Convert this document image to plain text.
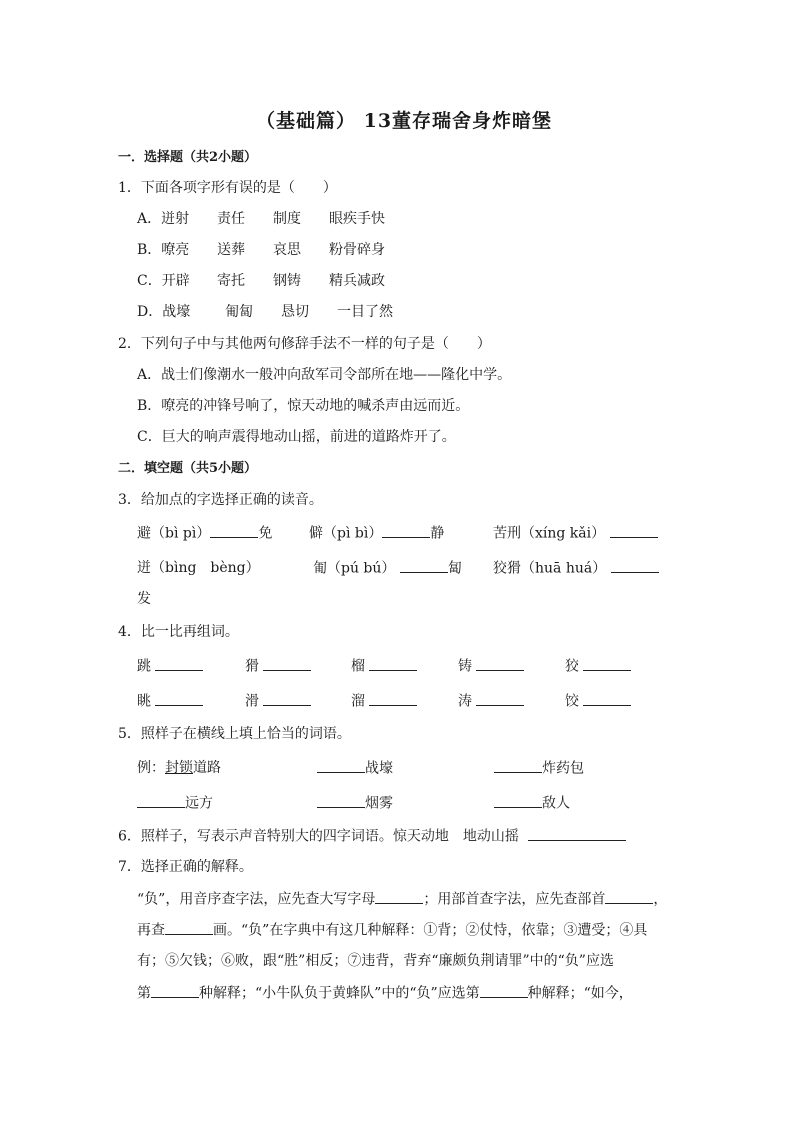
（基础篇） 13董存瑞舍身炸暗堡
一．选择题（共2小题）
1．下面各项字形有误的是（　　）
A．迸射 责任 制度 眼疾手快
B．嘹亮 送葬 哀思 粉骨碎身
C．开辟 寄托 钢铸 精兵减政
D．战壕 匍匐 恳切 一目了然
2．下列句子中与其他两句修辞手法不一样的句子是（　　）
A．战士们像潮水一般冲向敌军司令部所在地——隆化中学。
B．嘹亮的冲锋号响了，惊天动地的喊杀声由远而近。
C．巨大的响声震得地动山摇，前进的道路炸开了。
二．填空题（共5小题）
3．给加点的字选择正确的读音。
避（bì pì）	免	僻（pì bì）	静	苦刑（xíng kǎi）
迸（bìng　bèng）	匍（pú bú）	匐 狡猾（huā huá）
发
4．比一比再组词。
跳	猾	榴	铸	狡
眺	滑	溜	涛	饺
5．照样子在横线上填上恰当的词语。
例：封锁道路	战壕	炸药包
远方	烟雾	敌人
6．照样子，写表示声音特别大的四字词语。惊天动地　地动山摇
7．选择正确的解释。
“负”，用音序查字法，应先查大写字母	；用部首查字法，应先查部首	，
再查	画。“负”在字典中有这几种解释：①背；②仗恃，依靠；③遭受；④具
有；⑤欠钱；⑥败，跟“胜”相反；⑦违背，背弃“廉颇负荆请罪”中的“负”应选
第	种解释；“小牛队负于黄蜂队”中的“负”应选第	种解释；“如今，
